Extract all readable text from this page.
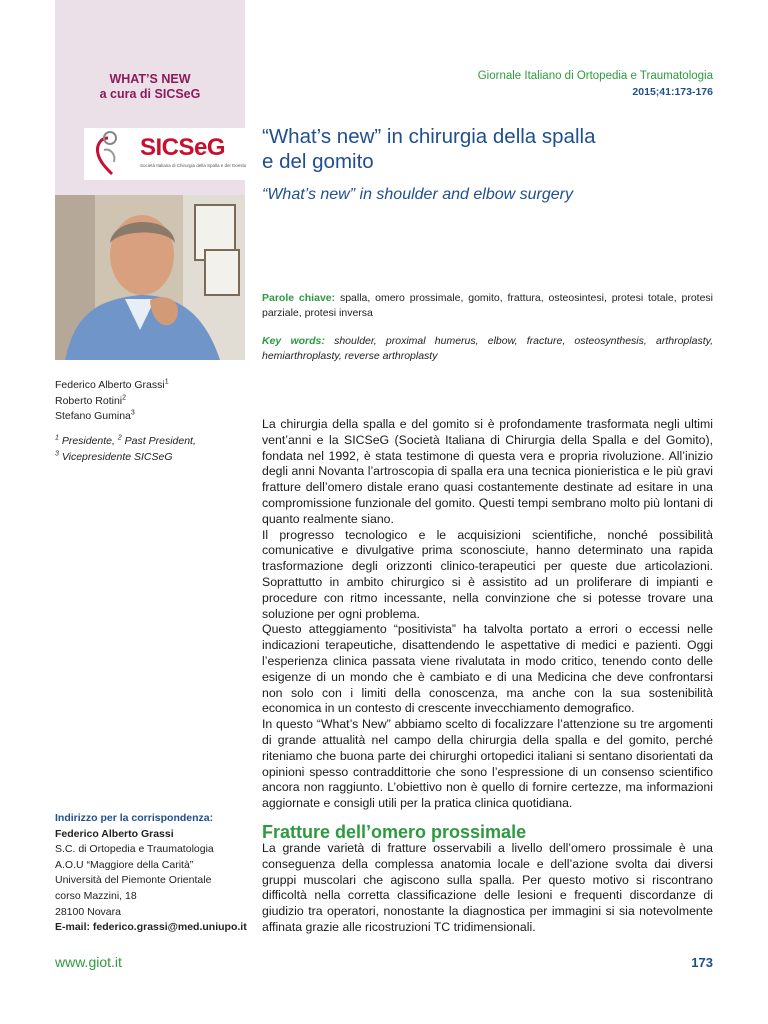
WHAT’S NEW
a cura di SICSeG
SICSeG
Società Italiana di Chirurgia della Spalla e del Gomito
Giornale Italiano di Ortopedia e Traumatologia
2015;41:173-176
“What’s new” in chirurgia della spalla
e del gomito
“What’s new” in shoulder and elbow surgery
Parole chiave: spalla, omero prossimale, gomito, frattura, osteosintesi, protesi totale, protesi parziale, protesi inversa
Key words: shoulder, proximal humerus, elbow, fracture, osteosynthesis, arthroplasty, hemiarthroplasty, reverse arthroplasty
Federico Alberto Grassi$^1$
Roberto Rotini$^2$
Stefano Gumina$^3$
$^1$ Presidente, $^2$ Past President,
$^3$ Vicepresidente SICSeG

La chirurgia della spalla e del gomito si è profondamente trasformata negli ultimi vent’anni e la SICSeG (Società Italiana di Chirurgia della Spalla e del Gomito), fondata nel 1992, è stata testimone di questa vera e propria rivoluzione. All’inizio degli anni Novanta l’artroscopia di spalla era una tecnica pionieristica e le più gravi fratture dell’omero distale erano quasi costantemente destinate ad esitare in una compromissione funzionale del gomito. Questi tempi sembrano molto più lontani di quanto realmente siano.

Il progresso tecnologico e le acquisizioni scientifiche, nonché possibilità comunicative e divulgative prima sconosciute, hanno determinato una rapida trasformazione degli orizzonti clinico-terapeutici per queste due articolazioni. Soprattutto in ambito chirurgico si è assistito ad un proliferare di impianti e procedure con ritmo incessante, nella convinzione che si potesse trovare una soluzione per ogni problema.

Questo atteggiamento “positivista” ha talvolta portato a errori o eccessi nelle indicazioni terapeutiche, disattendendo le aspettative di medici e pazienti. Oggi l’esperienza clinica passata viene rivalutata in modo critico, tenendo conto delle esigenze di un mondo che è cambiato e di una Medicina che deve confrontarsi non solo con i limiti della conoscenza, ma anche con la sua sostenibilità economica in un contesto di crescente invecchiamento demografico.

In questo “What’s New” abbiamo scelto di focalizzare l’attenzione su tre argomenti di grande attualità nel campo della chirurgia della spalla e del gomito, perché riteniamo che buona parte dei chirurghi ortopedici italiani si sentano disorientati da opinioni spesso contraddittorie che sono l’espressione di un consenso scientifico ancora non raggiunto. L’obiettivo non è quello di fornire certezze, ma informazioni aggiornate e consigli utili per la pratica clinica quotidiana.

Fratture dell’omero prossimale

La grande varietà di fratture osservabili a livello dell’omero prossimale è una conseguenza della complessa anatomia locale e dell’azione svolta dai diversi gruppi muscolari che agiscono sulla spalla. Per questo motivo si riscontrano difficoltà nella corretta classificazione delle lesioni e frequenti discordanze di giudizio tra operatori, nonostante la diagnostica per immagini si sia notevolmente affinata grazie alle ricostruzioni TC tridimensionali.

Indirizzo per la corrispondenza:
Federico Alberto Grassi
S.C. di Ortopedia e Traumatologia
A.O.U “Maggiore della Carità”
Università del Piemonte Orientale
corso Mazzini, 18
28100 Novara
E-mail: federico.grassi@med.uniupo.it
www.giot.it	173
